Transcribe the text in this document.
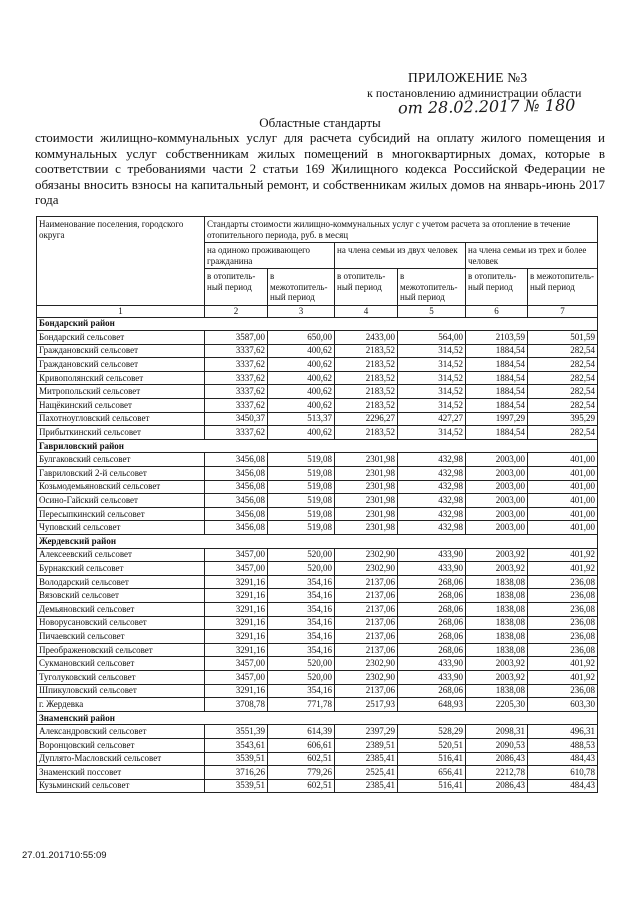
ПРИЛОЖЕНИЕ №3
к постановлению администрации области
от 28.02.2017 № 180
Областные стандарты
стоимости жилищно-коммунальных услуг для расчета субсидий на оплату жилого помещения и коммунальных услуг собственникам жилых помещений в многоквартирных домах, которые в соответствии с требованиями части 2 статьи 169 Жилищного кодекса Российской Федерации не обязаны вносить взносы на капитальный ремонт, и собственникам жилых домов на январь-июнь 2017 года
Наименование поселения, городского округа	Стандарты стоимости жилищно-коммунальных услуг с учетом расчета за отопление в течение отопительного периода, руб. в месяц					
	на одиноко проживающего гражданина		на члена семьи из двух человек		на члена семьи из трех и более человек	
	в отопитель-ный период	в межотопитель-ный период	в отопитель-ный период	в межотопитель-ный период	в отопитель-ный период	в межотопитель-ный период
1	2	3	4	5	6	7
Бондарский район						
Бондарский сельсовет	3587,00	650,00	2433,00	564,00	2103,59	501,59
Граждановский сельсовет	3337,62	400,62	2183,52	314,52	1884,54	282,54
Граждановский сельсовет	3337,62	400,62	2183,52	314,52	1884,54	282,54
Кривополянский сельсовет	3337,62	400,62	2183,52	314,52	1884,54	282,54
Митропольский сельсовет	3337,62	400,62	2183,52	314,52	1884,54	282,54
Нащёкинский сельсовет	3337,62	400,62	2183,52	314,52	1884,54	282,54
Пахотноугловский сельсовет	3450,37	513,37	2296,27	427,27	1997,29	395,29
Прибыткинский сельсовет	3337,62	400,62	2183,52	314,52	1884,54	282,54
Гавриловский район						
Булгаковский сельсовет	3456,08	519,08	2301,98	432,98	2003,00	401,00
Гавриловский 2-й сельсовет	3456,08	519,08	2301,98	432,98	2003,00	401,00
Козьмодемьяновский сельсовет	3456,08	519,08	2301,98	432,98	2003,00	401,00
Осино-Гайский сельсовет	3456,08	519,08	2301,98	432,98	2003,00	401,00
Пересыпкинский сельсовет	3456,08	519,08	2301,98	432,98	2003,00	401,00
Чуповский сельсовет	3456,08	519,08	2301,98	432,98	2003,00	401,00
Жердевский район						
Алексеевский сельсовет	3457,00	520,00	2302,90	433,90	2003,92	401,92
Бурнакский сельсовет	3457,00	520,00	2302,90	433,90	2003,92	401,92
Володарский сельсовет	3291,16	354,16	2137,06	268,06	1838,08	236,08
Вязовский сельсовет	3291,16	354,16	2137,06	268,06	1838,08	236,08
Демьяновский сельсовет	3291,16	354,16	2137,06	268,06	1838,08	236,08
Новорусановский сельсовет	3291,16	354,16	2137,06	268,06	1838,08	236,08
Пичаевский сельсовет	3291,16	354,16	2137,06	268,06	1838,08	236,08
Преображеновский сельсовет	3291,16	354,16	2137,06	268,06	1838,08	236,08
Сукмановский сельсовет	3457,00	520,00	2302,90	433,90	2003,92	401,92
Туголуковский сельсовет	3457,00	520,00	2302,90	433,90	2003,92	401,92
Шпикуловский сельсовет	3291,16	354,16	2137,06	268,06	1838,08	236,08
г. Жердевка	3708,78	771,78	2517,93	648,93	2205,30	603,30
Знаменский район						
Александровский сельсовет	3551,39	614,39	2397,29	528,29	2098,31	496,31
Воронцовский сельсовет	3543,61	606,61	2389,51	520,51	2090,53	488,53
Дуплято-Масловский сельсовет	3539,51	602,51	2385,41	516,41	2086,43	484,43
Знаменский поссовет	3716,26	779,26	2525,41	656,41	2212,78	610,78
Кузьминский сельсовет	3539,51	602,51	2385,41	516,41	2086,43	484,43
27.01.201710:55:09
